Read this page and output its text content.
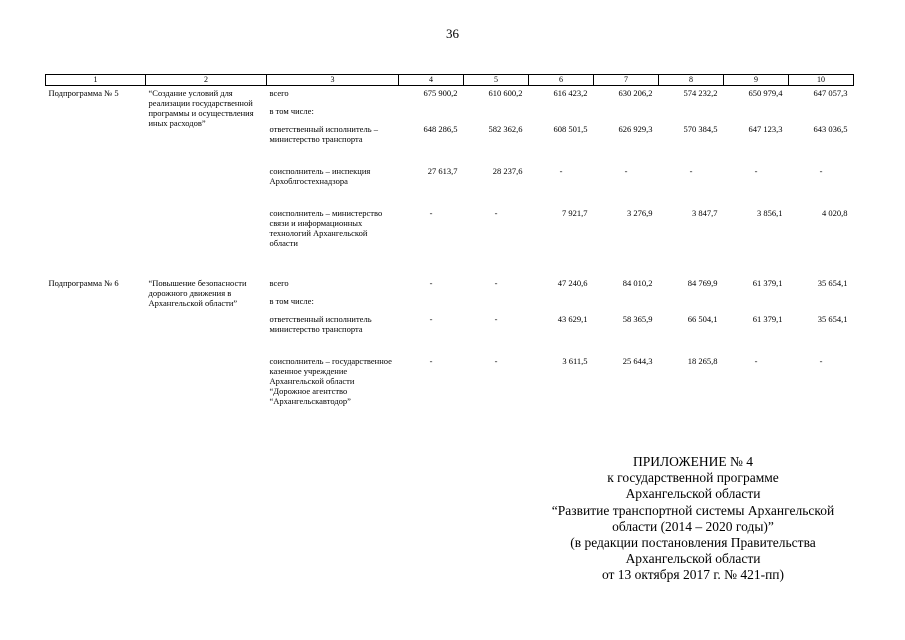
36
1	2	3	4	5	6	7	8	9	10
Подпрограмма № 5	“Создание условий для реализации государственной программы и осуществления иных расходов”	всего	675 900,2	610 600,2	616 423,2	630 206,2	574 232,2	650 979,4	647 057,3
		в том числе:							
		ответственный исполнитель – министерство транспорта	648 286,5	582 362,6	608 501,5	626 929,3	570 384,5	647 123,3	643 036,5
		соисполнитель – инспекция Архоблгостехнадзора	27 613,7	28 237,6	-	-	-	-	-
		соисполнитель – министерство связи и информационных технологий Архангельской области	-	-	7 921,7	3 276,9	3 847,7	3 856,1	4 020,8
Подпрограмма № 6	“Повышение безопасности дорожного движения в Архангельской области”	всего	-	-	47 240,6	84 010,2	84 769,9	61 379,1	35 654,1
		в том числе:							
		ответственный исполнитель министерство транспорта	-	-	43 629,1	58 365,9	66 504,1	61 379,1	35 654,1
		соисполнитель – государственное казенное учреждение Архангельской области “Дорожное агентство “Архангельскавтодор”	-	-	3 611,5	25 644,3	18 265,8	-	-
ПРИЛОЖЕНИЕ № 4
к государственной программе
Архангельской области
“Развитие транспортной системы Архангельской
области (2014 – 2020 годы)”
(в редакции постановления Правительства
Архангельской области
от 13 октября 2017 г. № 421-пп)
